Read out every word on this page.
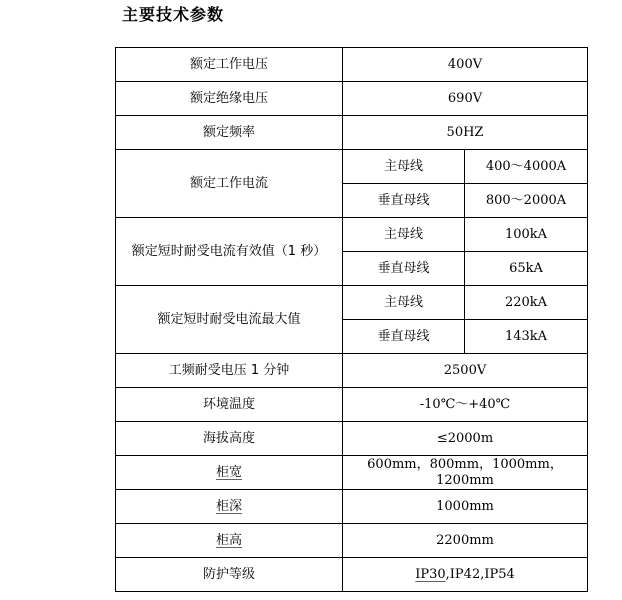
主要技术参数
额定工作电压	400V	
额定绝缘电压	690V	
额定频率	50HZ	
额定工作电流	主母线	400～4000A
	垂直母线	800～2000A
额定短时耐受电流有效值（1 秒）	主母线	100kA
	垂直母线	65kA
额定短时耐受电流最大值	主母线	220kA
	垂直母线	143kA
工频耐受电压 1 分钟	2500V	
环境温度	-10℃～+40℃	
海拔高度	≤2000m	
柜宽	600mm，800mm，1000mm，1200mm	
柜深	1000mm	
柜高	2200mm	
防护等级	IP30,IP42,IP54	
